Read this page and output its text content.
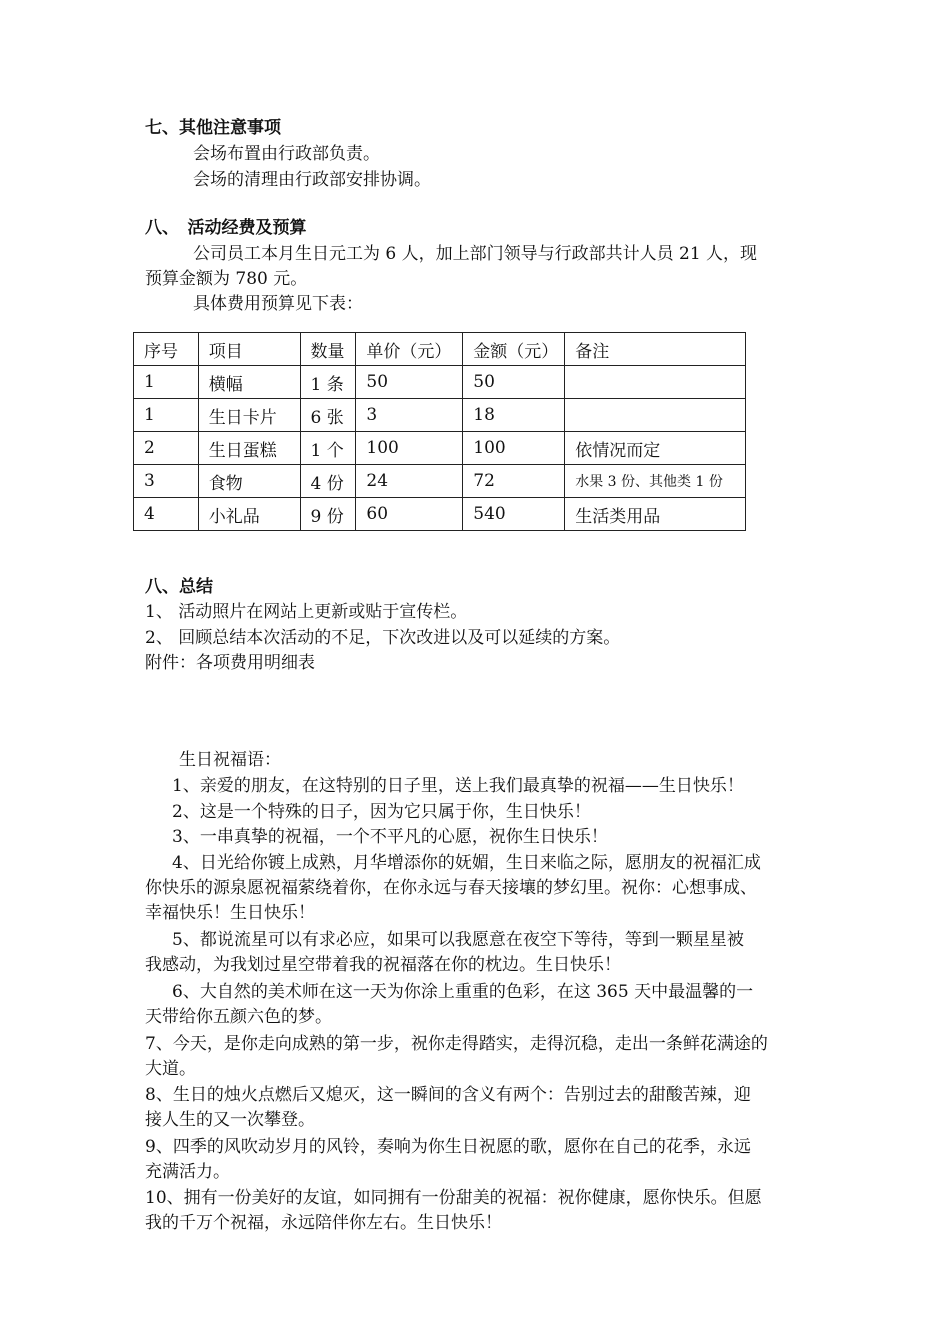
七、其他注意事项
会场布置由行政部负责。
会场的清理由行政部安排协调。
八、　活动经费及预算
公司员工本月生日元工为 6 人，加上部门领导与行政部共计人员 21 人，现
预算金额为 780 元。
具体费用预算见下表：
序号	项目	数量	单价（元）	金额（元）	备注
1	横幅	1 条	50	50	
1	生日卡片	6 张	3	18	
2	生日蛋糕	1 个	100	100	依情况而定
3	食物	4 份	24	72	水果 3 份、其他类 1 份
4	小礼品	9 份	60	540	生活类用品
八、总结
1、 活动照片在网站上更新或贴于宣传栏。
2、 回顾总结本次活动的不足，下次改进以及可以延续的方案。
附件：各项费用明细表
生日祝福语：
1、亲爱的朋友，在这特别的日子里，送上我们最真挚的祝福——生日快乐！
2、这是一个特殊的日子，因为它只属于你，生日快乐！
3、一串真挚的祝福，一个不平凡的心愿，祝你生日快乐！
4、日光给你镀上成熟，月华增添你的妩媚，生日来临之际，愿朋友的祝福汇成
你快乐的源泉愿祝福萦绕着你，在你永远与春天接壤的梦幻里。祝你：心想事成、
幸福快乐！生日快乐！
5、都说流星可以有求必应，如果可以我愿意在夜空下等待，等到一颗星星被
我感动，为我划过星空带着我的祝福落在你的枕边。生日快乐！
6、大自然的美术师在这一天为你涂上重重的色彩，在这 365 天中最温馨的一
天带给你五颜六色的梦。
7、今天，是你走向成熟的第一步，祝你走得踏实，走得沉稳，走出一条鲜花满途的
大道。
8、生日的烛火点燃后又熄灭，这一瞬间的含义有两个：告别过去的甜酸苦辣，迎
接人生的又一次攀登。
9、四季的风吹动岁月的风铃，奏响为你生日祝愿的歌，愿你在自己的花季，永远
充满活力。
10、拥有一份美好的友谊，如同拥有一份甜美的祝福：祝你健康，愿你快乐。但愿
我的千万个祝福，永远陪伴你左右。生日快乐！
